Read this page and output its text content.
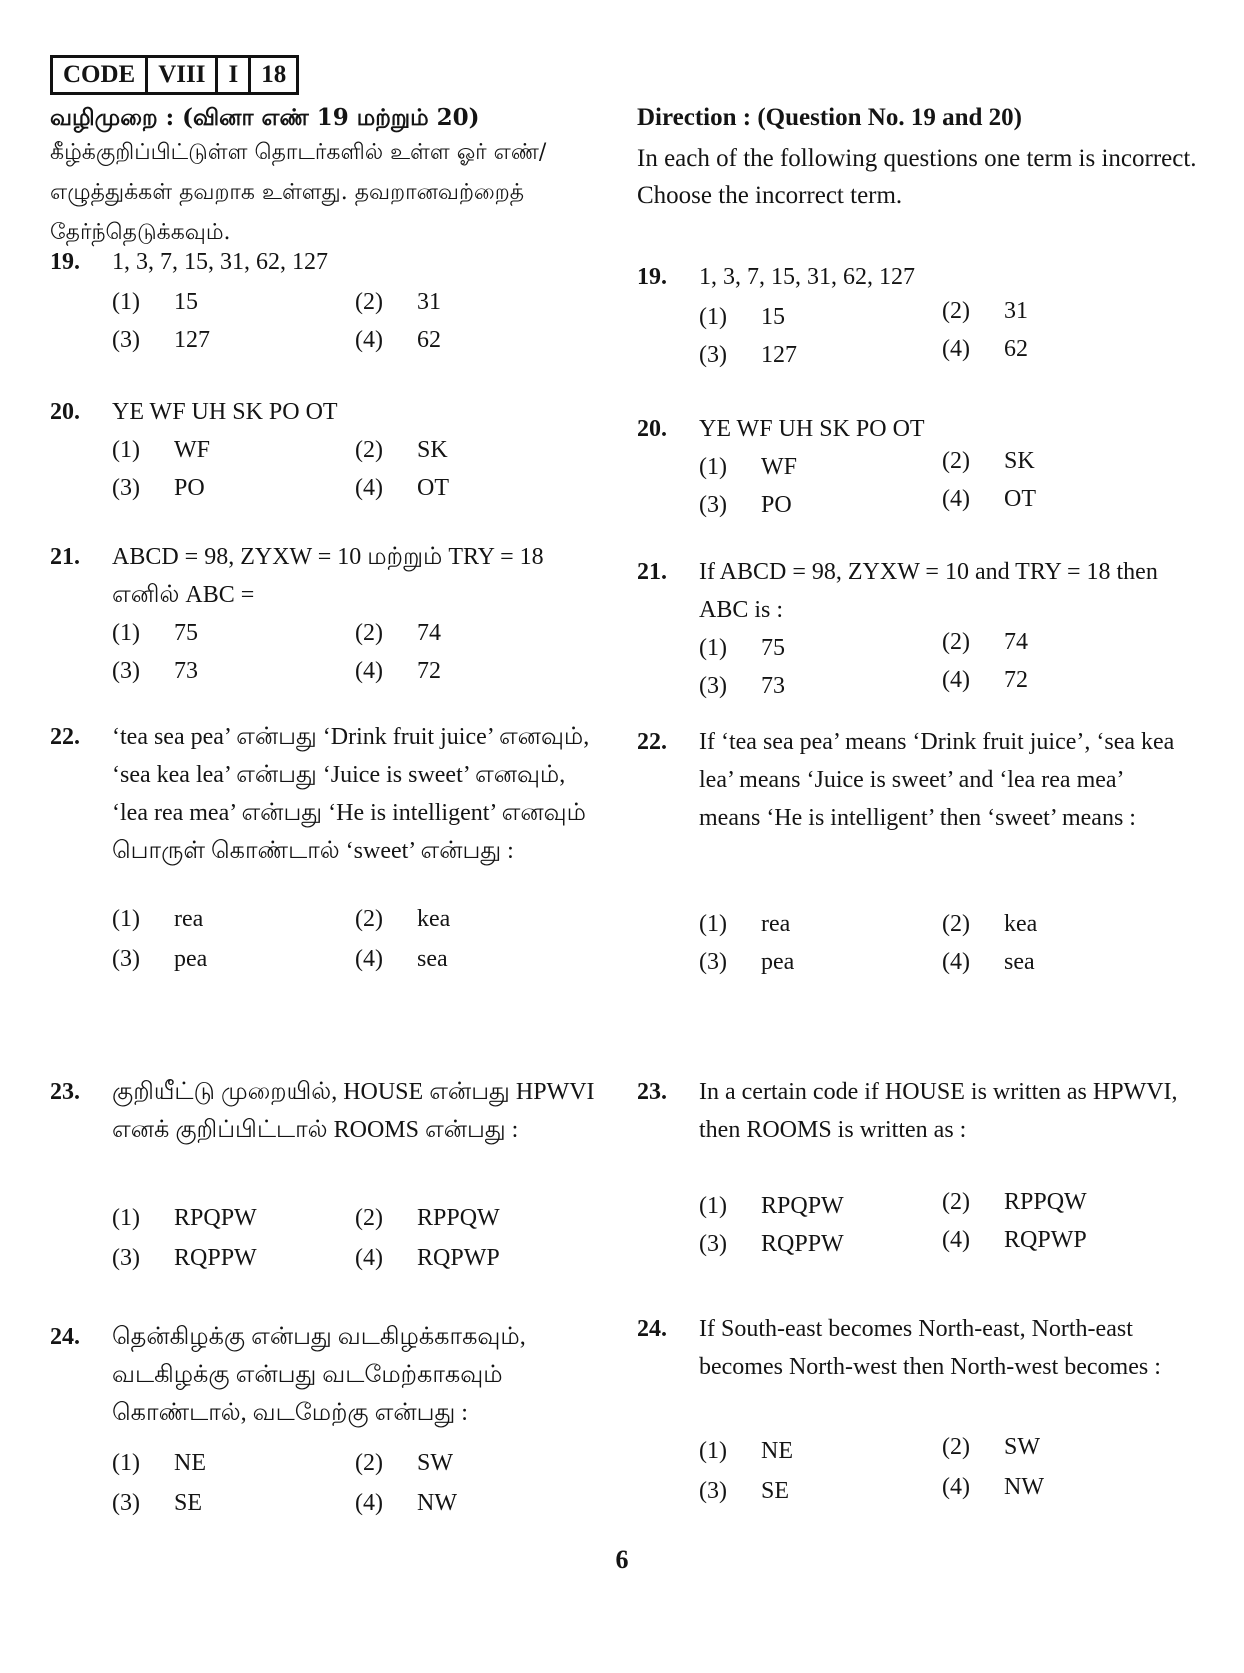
CODE VIII I 18
வழிமுறை : (வினா எண் 19 மற்றும் 20)
கீழ்க்குறிப்பிட்டுள்ள தொடர்களில் உள்ள ஓர் எண்/எழுத்துக்கள் தவறாக உள்ளது. தவறானவற்றைத் தேர்ந்தெடுக்கவும்.
19. 1, 3, 7, 15, 31, 62, 127
(1)	15	(2)	31
(3)	127	(4)	62
20. YE WF UH SK PO OT
(1)	WF	(2)	SK
(3)	PO	(4)	OT
21. ABCD = 98, ZYXW = 10 மற்றும் TRY = 18 எனில் ABC =
(1)	75	(2)	74
(3)	73	(4)	72
22. ‘tea sea pea’ என்பது ‘Drink fruit juice’ எனவும், ‘sea kea lea’ என்பது ‘Juice is sweet’ எனவும், ‘lea rea mea’ என்பது ‘He is intelligent’ எனவும் பொருள் கொண்டால் ‘sweet’ என்பது :
(1)	rea	(2)	kea
(3)	pea	(4)	sea
23. குறியீட்டு முறையில், HOUSE என்பது HPWVI எனக் குறிப்பிட்டால் ROOMS என்பது :
(1)	RPQPW	(2)	RPPQW
(3)	RQPPW	(4)	RQPWP
24. தென்கிழக்கு என்பது வடகிழக்காகவும், வடகிழக்கு என்பது வடமேற்காகவும் கொண்டால், வடமேற்கு என்பது :
(1)	NE	(2)	SW
(3)	SE	(4)	NW
Direction : (Question No. 19 and 20)
In each of the following questions one term is incorrect. Choose the incorrect term.
19. 1, 3, 7, 15, 31, 62, 127
(1)	15	(2)	31
(3)	127	(4)	62
20. YE WF UH SK PO OT
(1)	WF	(2)	SK
(3)	PO	(4)	OT
21. If ABCD = 98, ZYXW = 10 and TRY = 18 then ABC is :
(1)	75	(2)	74
(3)	73	(4)	72
22. If ‘tea sea pea’ means ‘Drink fruit juice’, ‘sea kea lea’ means ‘Juice is sweet’ and ‘lea rea mea’ means ‘He is intelligent’ then ‘sweet’ means :
(1)	rea	(2)	kea
(3)	pea	(4)	sea
23. In a certain code if HOUSE is written as HPWVI, then ROOMS is written as :
(1)	RPQPW	(2)	RPPQW
(3)	RQPPW	(4)	RQPWP
24. If South-east becomes North-east, North-east becomes North-west then North-west becomes :
(1)	NE	(2)	SW
(3)	SE	(4)	NW
6
